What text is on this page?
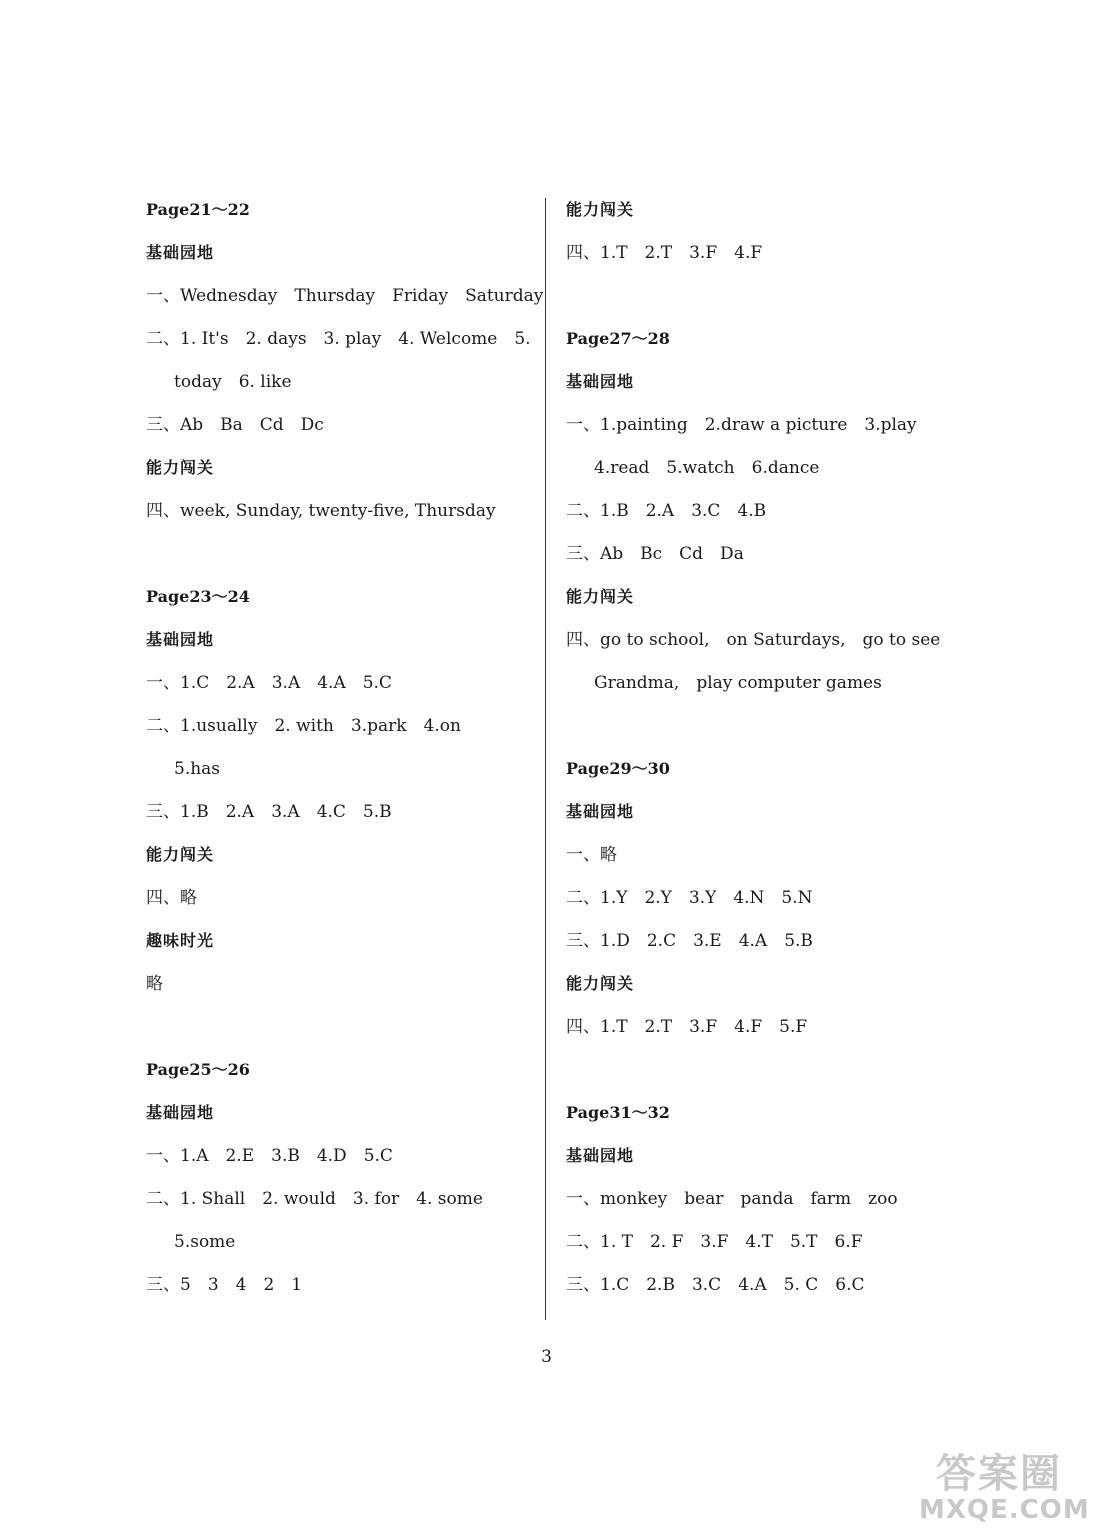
Page21～22
基础园地
一、Wednesday　Thursday　Friday　Saturday
二、1. It's　2. days　3. play　4. Welcome　5.
today　6. like
三、Ab　Ba　Cd　Dc
能力闯关
四、week, Sunday, twenty-five, Thursday
Page23～24
基础园地
一、1.C　2.A　3.A　4.A　5.C
二、1.usually　2. with　3.park　4.on
5.has
三、1.B　2.A　3.A　4.C　5.B
能力闯关
四、略
趣味时光
略
Page25～26
基础园地
一、1.A　2.E　3.B　4.D　5.C
二、1. Shall　2. would　3. for　4. some
5.some
三、5　3　4　2　1
能力闯关
四、1.T　2.T　3.F　4.F
Page27～28
基础园地
一、1.painting　2.draw a picture　3.play
4.read　5.watch　6.dance
二、1.B　2.A　3.C　4.B
三、Ab　Bc　Cd　Da
能力闯关
四、go to school,　on Saturdays,　go to see
Grandma,　play computer games
Page29～30
基础园地
一、略
二、1.Y　2.Y　3.Y　4.N　5.N
三、1.D　2.C　3.E　4.A　5.B
能力闯关
四、1.T　2.T　3.F　4.F　5.F
Page31～32
基础园地
一、monkey　bear　panda　farm　zoo
二、1. T　2. F　3.F　4.T　5.T　6.F
三、1.C　2.B　3.C　4.A　5. C　6.C
3
答案圈
MXQE.COM
